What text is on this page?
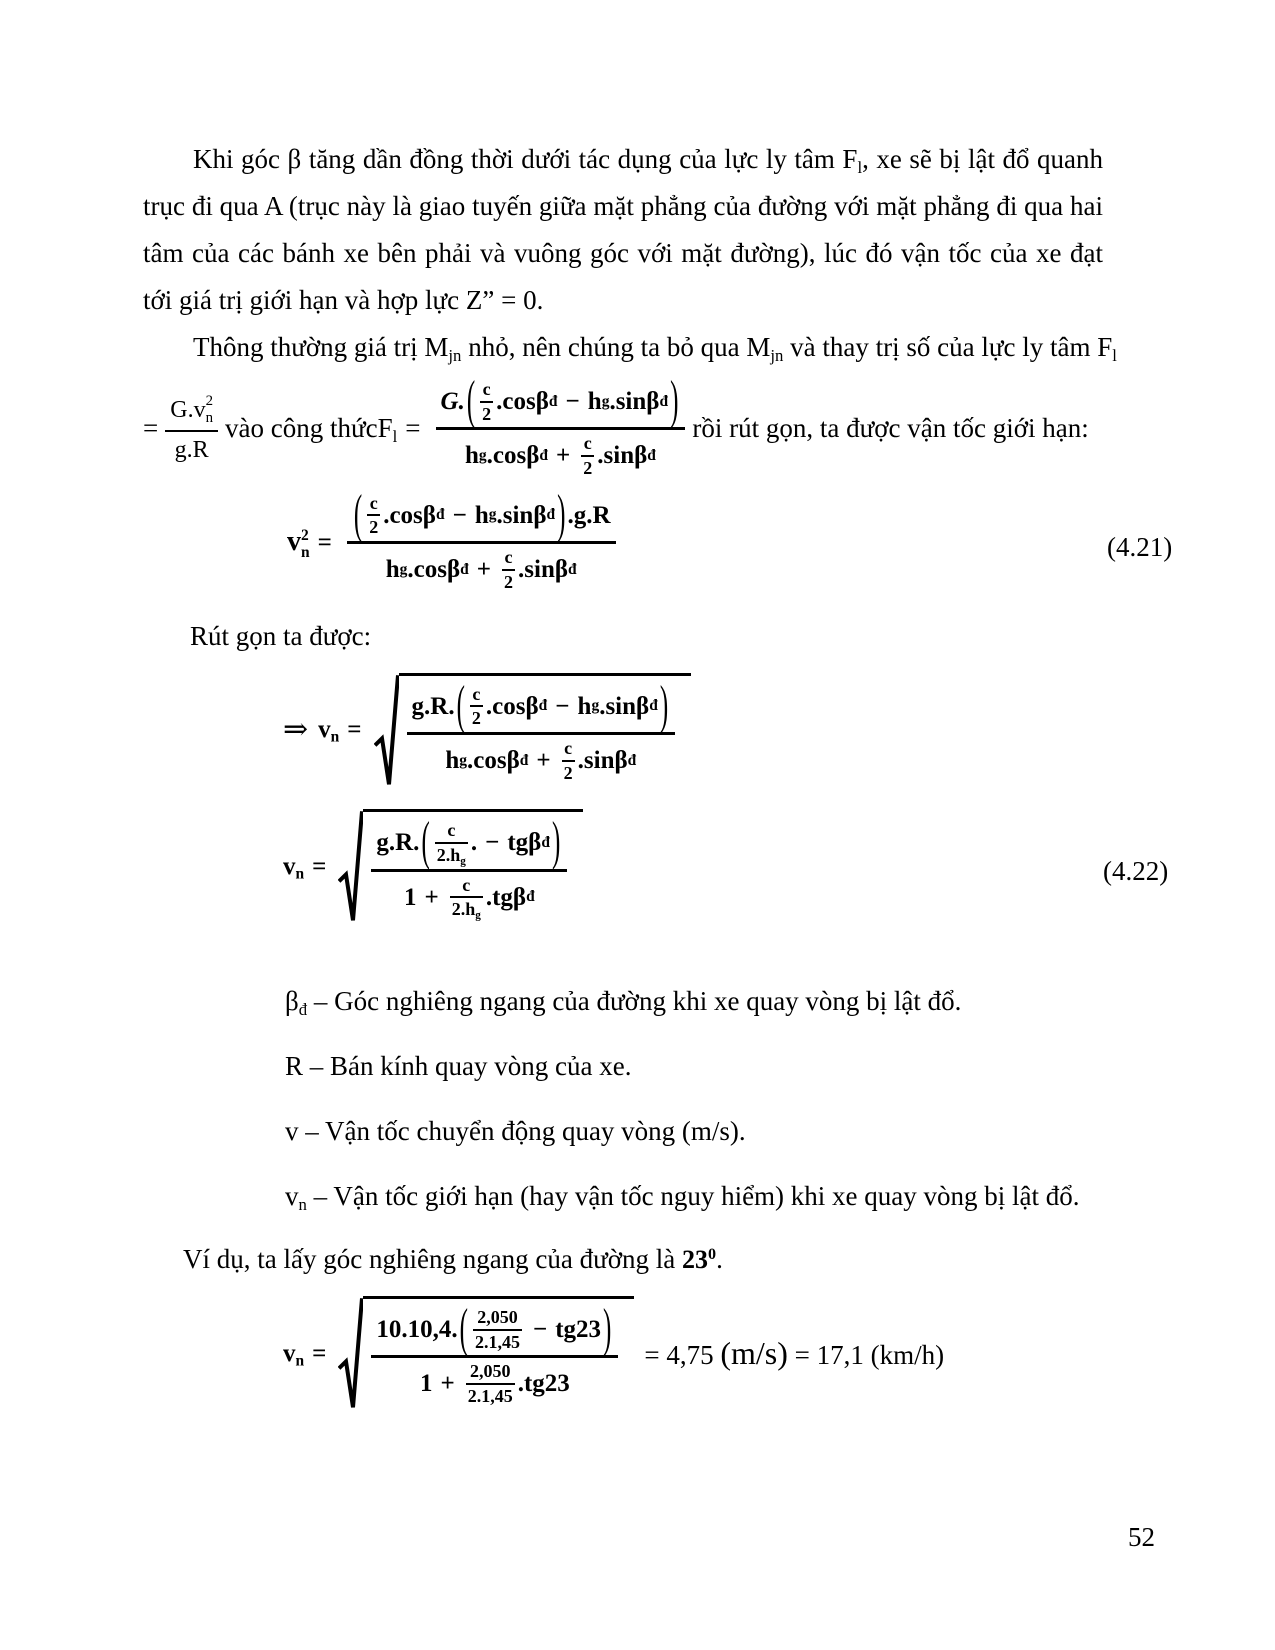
Khi góc β tăng dần đồng thời dưới tác dụng của lực ly tâm $F_l$, xe sẽ bị lật đổ quanh trục đi qua A (trục này là giao tuyến giữa mặt phẳng của đường với mặt phẳng đi qua hai tâm của các bánh xe bên phải và vuông góc với mặt đường), lúc đó vận tốc của xe đạt tới giá trị giới hạn và hợp lực Z” = 0.

Thông thường giá trị $M_{jn}$ nhỏ, nên chúng ta bỏ qua $M_{jn}$ và thay trị số của lực ly tâm $F_l$

= G.v 2
n
g.R vào công thức $F_l = G$. ( c
2 .cosβ đ − h g .sinβ đ )
h g .cosβ đ + c
2 .sinβ đ rồi rút gọn, ta được vận tốc giới hạn:
v 2
n = ( c
2 .cosβ đ − h g .sinβ đ ) .g.R
h g .cosβ đ + c
2 .sinβ đ	(4.21)
Rút gọn ta được:
⇒ $v_n = g.R$. ( c
2 .cosβ đ − h g .sinβ đ )
h g .cosβ đ + c
2 .sinβ đ
$v_n = g.R$. ( c
$2.h_g$
. − tgβ đ )
1 + c
$2.h_g$
. tgβ đ	(4.22)
$\beta_đ$ – Góc nghiêng ngang của đường khi xe quay vòng bị lật đổ.
R – Bán kính quay vòng của xe.
v – Vận tốc chuyển động quay vòng (m/s).
$v_n$ – Vận tốc giới hạn (hay vận tốc nguy hiểm) khi xe quay vòng bị lật đổ.
Ví dụ, ta lấy góc nghiêng ngang của đường là $23^0$.
$v_n = 10.10,4$. ( 2,050
2.1,45 − tg23 )
1 + 2,050
2.1,45 . tg23 = 4,75 (m/s) = 17,1 (km/h)
52
